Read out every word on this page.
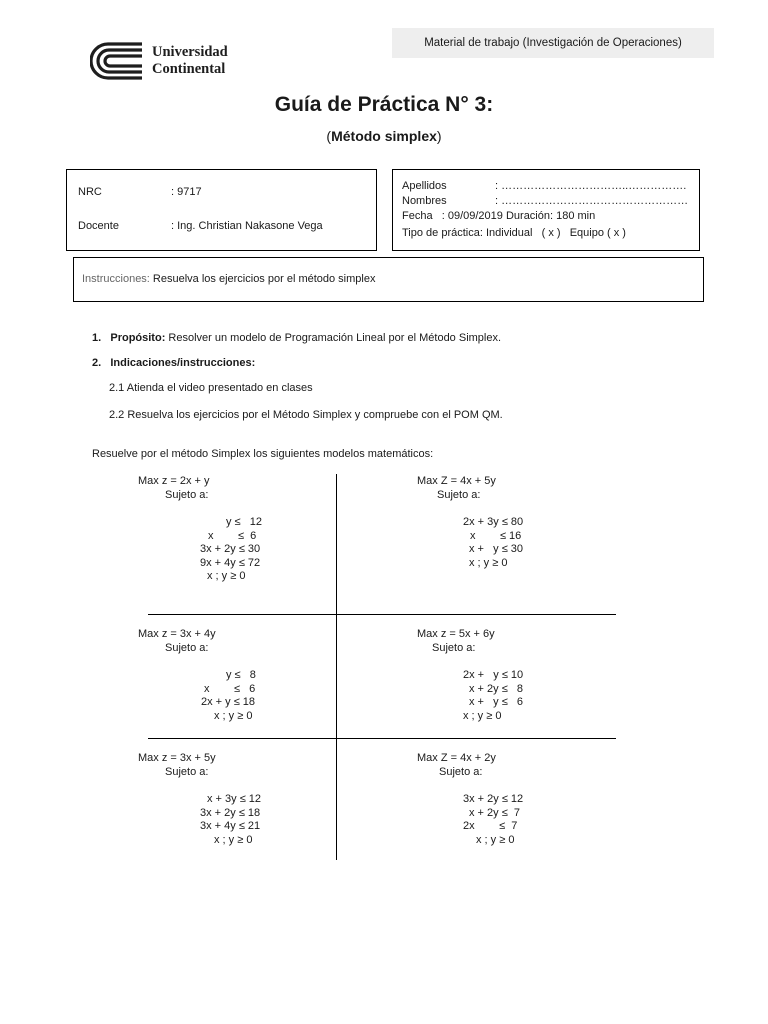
Universidad
Continental
Material de trabajo (Investigación de Operaciones)
Guía de Práctica N° 3:
(Método simplex)
NRC	: 9717
Docente	: Ing. Christian Nakasone Vega
Apellidos	: ……………………………..…………….
Nombres	: ……………………………………………
Fecha   : 09/09/2019 Duración: 180 min
Tipo de práctica: Individual   ( x )   Equipo ( x )
Instrucciones: Resuelva los ejercicios por el método simplex
1. Propósito: Resolver un modelo de Programación Lineal por el Método Simplex.
2. Indicaciones/instrucciones:
2.1 Atienda el video presentado en clases
2.2 Resuelva los ejercicios por el Método Simplex y compruebe con el POM QM.
Resuelve por el método Simplex los siguientes modelos matemáticos:
Max z = 2x + y
Sujeto a:
y ≤   12
x        ≤  6
3x + 2y ≤ 30
9x + 4y ≤ 72
x ; y ≥ 0
Max Z = 4x + 5y
Sujeto a:
2x + 3y ≤ 80
x        ≤ 16
x +   y ≤ 30
x ; y ≥ 0
Max z = 3x + 4y
Sujeto a:
y ≤   8
x        ≤   6
2x + y ≤ 18
x ; y ≥ 0
Max z = 5x + 6y
Sujeto a:
2x +   y ≤ 10
x + 2y ≤   8
x +   y ≤   6
x ; y ≥ 0
Max z = 3x + 5y
Sujeto a:
x + 3y ≤ 12
3x + 2y ≤ 18
3x + 4y ≤ 21
x ; y ≥ 0
Max Z = 4x + 2y
Sujeto a:
3x + 2y ≤ 12
x + 2y ≤  7
2x        ≤  7
x ; y ≥ 0
